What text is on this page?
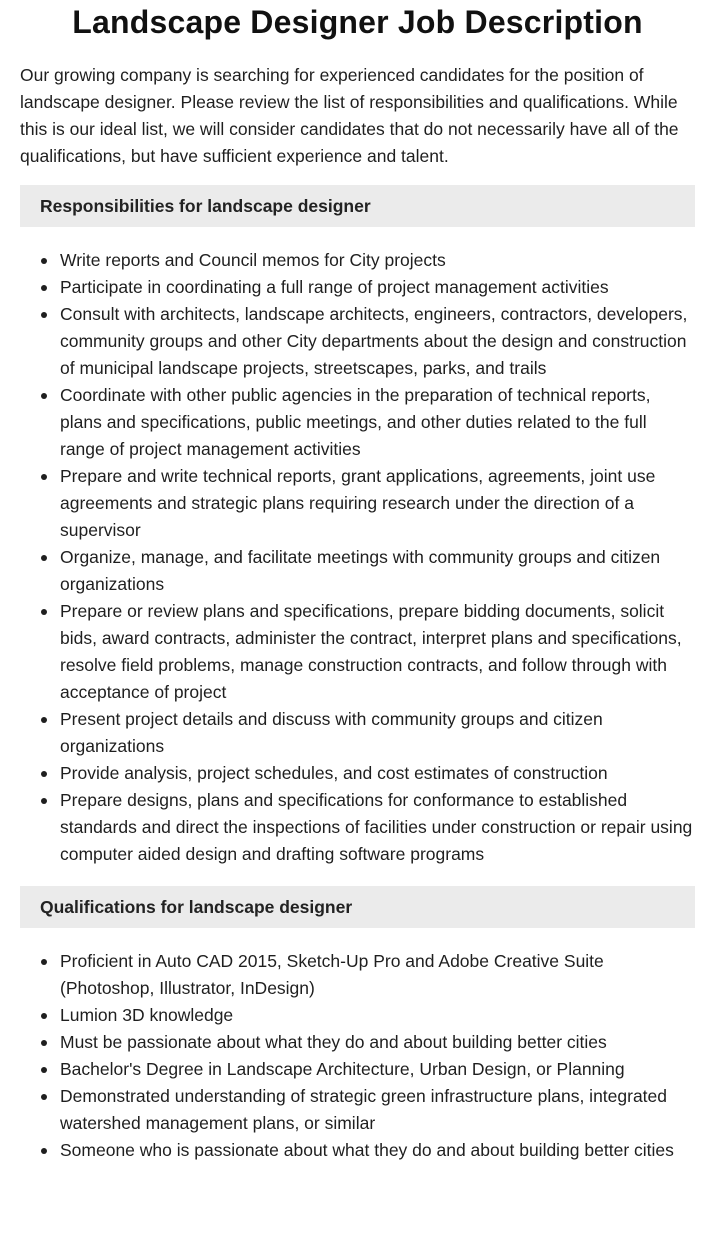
Landscape Designer Job Description

Our growing company is searching for experienced candidates for the position of landscape designer. Please review the list of responsibilities and qualifications. While this is our ideal list, we will consider candidates that do not necessarily have all of the qualifications, but have sufficient experience and talent.

Responsibilities for landscape designer
Write reports and Council memos for City projects
Participate in coordinating a full range of project management activities
Consult with architects, landscape architects, engineers, contractors, developers, community groups and other City departments about the design and construction of municipal landscape projects, streetscapes, parks, and trails
Coordinate with other public agencies in the preparation of technical reports, plans and specifications, public meetings, and other duties related to the full range of project management activities
Prepare and write technical reports, grant applications, agreements, joint use agreements and strategic plans requiring research under the direction of a supervisor
Organize, manage, and facilitate meetings with community groups and citizen organizations
Prepare or review plans and specifications, prepare bidding documents, solicit bids, award contracts, administer the contract, interpret plans and specifications, resolve field problems, manage construction contracts, and follow through with acceptance of project
Present project details and discuss with community groups and citizen organizations
Provide analysis, project schedules, and cost estimates of construction
Prepare designs, plans and specifications for conformance to established standards and direct the inspections of facilities under construction or repair using computer aided design and drafting software programs
Qualifications for landscape designer
Proficient in Auto CAD 2015, Sketch-Up Pro and Adobe Creative Suite (Photoshop, Illustrator, InDesign)
Lumion 3D knowledge
Must be passionate about what they do and about building better cities
Bachelor's Degree in Landscape Architecture, Urban Design, or Planning
Demonstrated understanding of strategic green infrastructure plans, integrated watershed management plans, or similar
Someone who is passionate about what they do and about building better cities
